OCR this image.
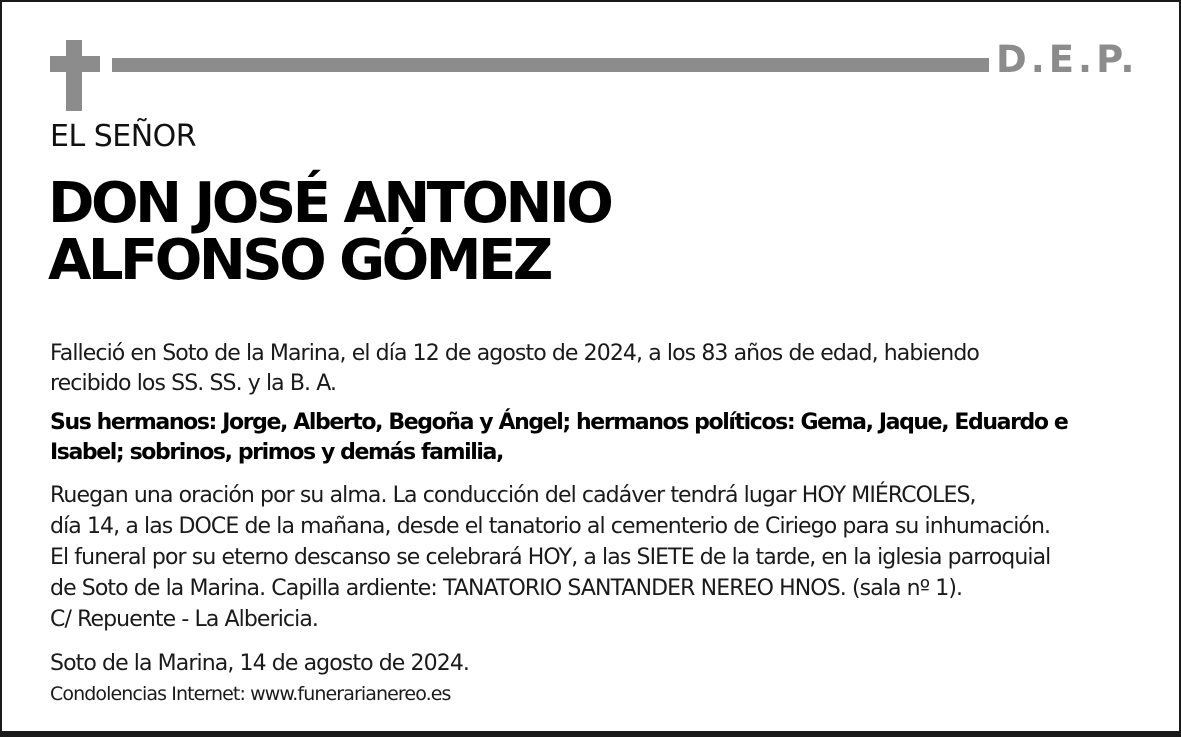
D.E.P.
EL SEÑOR
DON JOSÉ ANTONIO
ALFONSO GÓMEZ
Falleció en Soto de la Marina, el día 12 de agosto de 2024, a los 83 años de edad, habiendo
recibido los SS. SS. y la B. A.
Sus hermanos: Jorge, Alberto, Begoña y Ángel; hermanos políticos: Gema, Jaque, Eduardo e
Isabel; sobrinos, primos y demás familia,
Ruegan una oración por su alma. La conducción del cadáver tendrá lugar HOY MIÉRCOLES,
día 14, a las DOCE de la mañana, desde el tanatorio al cementerio de Ciriego para su inhumación.
El funeral por su eterno descanso se celebrará HOY, a las SIETE de la tarde, en la iglesia parroquial
de Soto de la Marina. Capilla ardiente: TANATORIO SANTANDER NEREO HNOS. (sala nº 1).
C/ Repuente - La Albericia.
Soto de la Marina, 14 de agosto de 2024.
Condolencias Internet: www.funerarianereo.es
